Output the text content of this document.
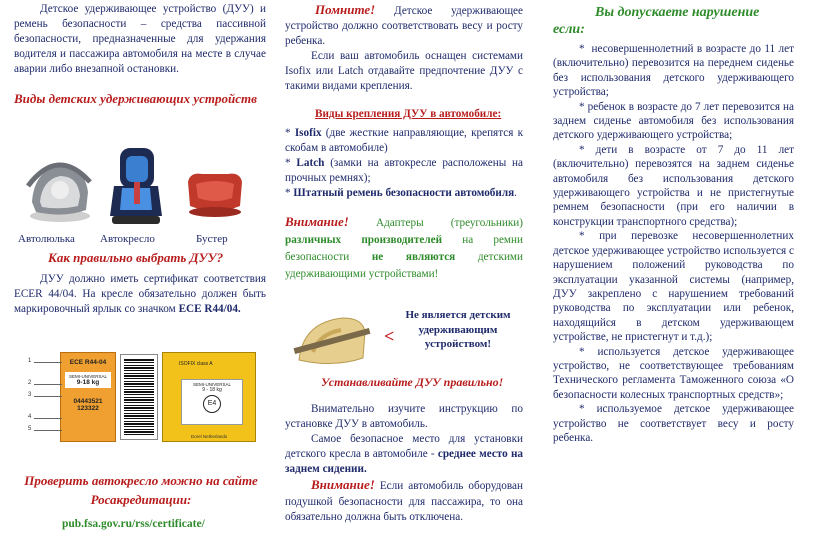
Детское удерживающее устройство (ДУУ) и ремень безопасности – средства пассивной безопасности, предназначенные для удержания водителя и пассажира автомобиля на месте в случае аварии либо внезапной остановки.

Виды детских удерживающих устройств

Автолюлька Автокресло	Бустер

Как правильно выбрать ДУУ?

ДУУ должно иметь сертификат соответствия ECER 44/04. На кресле обязательно должен быть маркировочный ярлык со значком ECE R44/04.

ECE R44-04
SEMI-UNIVERSAL
9-18 kg
04443521
123322
1
2
3
4
5
ISOFIX class A
SEMI-UNIVERSAL
9 - 18 kg
E4
Dorel Netherlands

Проверить автокресло можно на сайте Росакредитации:

pub.fsa.gov.ru/rss/certificate/

Помните! Детское удерживающее устройство должно соответствовать весу и росту ребенка.

Если ваш автомобиль оснащен системами Isofix или Latch отдавайте предпочтение ДУУ с такими видами крепления.

Виды крепления ДУУ в автомобиле:

* Isofix (две жесткие направляющие, крепятся к скобам в автомобиле)

* Latch (замки на автокресле расположены на прочных ремнях);

* Штатный ремень безопасности автомобиля.

Внимание! Адаптеры (треугольники) различных производителей на ремни безопасности не являются детскими удерживающими устройствами!

<

Не является детским удерживающим устройством!

Устанавливайте ДУУ правильно!

Внимательно изучите инструкцию по установке ДУУ в автомобиль.

Самое безопасное место для установки детского кресла в автомобиле - среднее место на заднем сидении.

Внимание! Если автомобиль оборудован подушкой безопасности для пассажира, то она обязательно должна быть отключена.

Вы допускаете нарушение если:

*  несовершеннолетний в возрасте до 11 лет (включительно) перевозится на переднем сиденье без использования детского удерживающего устройства;

* ребенок в возрасте до 7 лет перевозится на заднем сиденье автомобиля без использования детского удерживающего устройства;

* дети в возрасте от 7 до 11 лет (включительно) перевозятся на заднем сиденье автомобиля без использования детского удерживающего устройства и не пристегнутые ремнем безопасности (при его наличии в конструкции транспортного средства);

* при перевозке несовершеннолетних детское удерживающее устройство используется с нарушением положений руководства по эксплуатации указанной системы (например, ДУУ закреплено с нарушением требований руководства по эксплуатации или ребенок, находящийся в детском удерживающем устройстве, не пристегнут и т.д.);

* используется детское удерживающее устройство, не соответствующее требованиям Технического регламента Таможенного союза «О безопасности колесных транспортных средств»;

* используемое детское удерживающее устройство не соответствует весу и росту ребенка.
